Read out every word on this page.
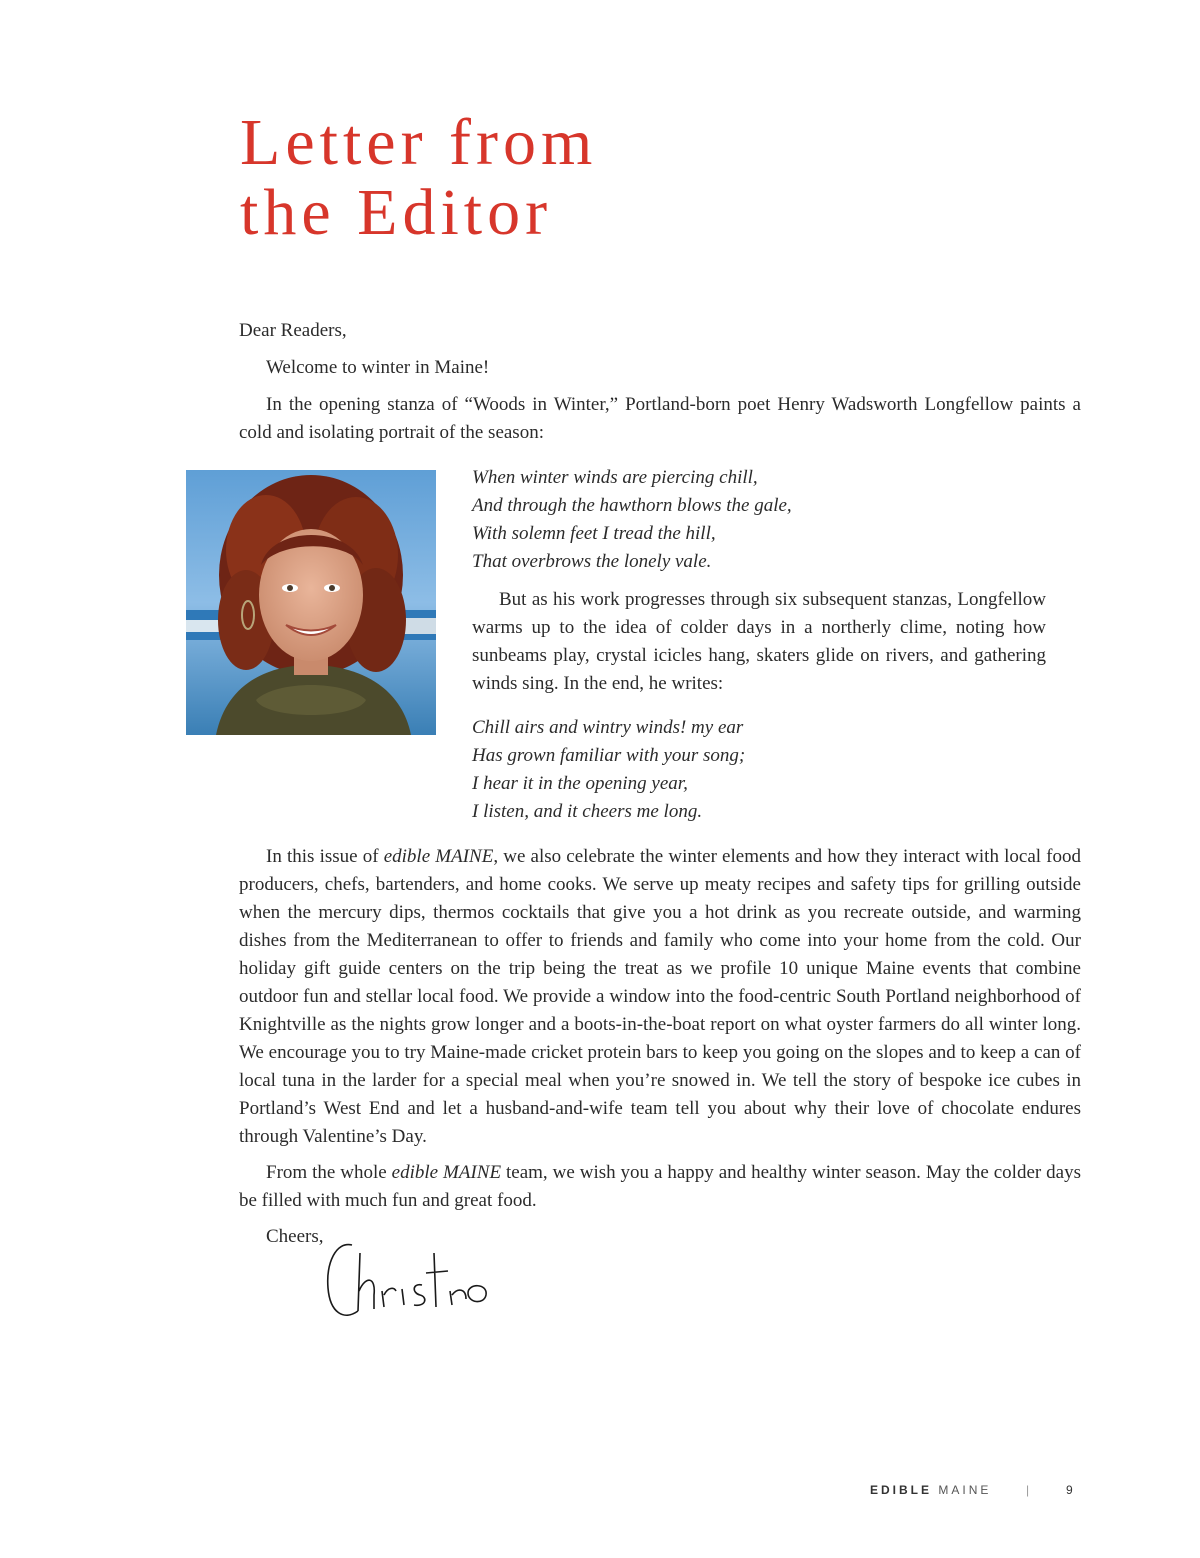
Letter from
the Editor

Dear Readers,

Welcome to winter in Maine!

In the opening stanza of “Woods in Winter,” Portland-born poet Henry Wadsworth Longfellow paints a cold and isolating portrait of the season:

When winter winds are piercing chill,
And through the hawthorn blows the gale,
With solemn feet I tread the hill,
That overbrows the lonely vale.

But as his work progresses through six subsequent stanzas, Longfellow warms up to the idea of colder days in a northerly clime, noting how sunbeams play, crystal icicles hang, skaters glide on rivers, and gathering winds sing. In the end, he writes:

Chill airs and wintry winds! my ear
Has grown familiar with your song;
I hear it in the opening year,
I listen, and it cheers me long.

In this issue of edible MAINE, we also celebrate the winter elements and how they interact with local food producers, chefs, bartenders, and home cooks. We serve up meaty recipes and safety tips for grilling outside when the mercury dips, thermos cocktails that give you a hot drink as you recreate outside, and warming dishes from the Mediterranean to offer to friends and family who come into your home from the cold. Our holiday gift guide centers on the trip being the treat as we profile 10 unique Maine events that combine outdoor fun and stellar local food. We provide a window into the food-centric South Portland neighborhood of Knightville as the nights grow longer and a boots-in-the-boat report on what oyster farmers do all winter long. We encourage you to try Maine-made cricket protein bars to keep you going on the slopes and to keep a can of local tuna in the larder for a special meal when you’re snowed in. We tell the story of bespoke ice cubes in Portland’s West End and let a husband-and-wife team tell you about why their love of chocolate endures through Valentine’s Day.

From the whole edible MAINE team, we wish you a happy and healthy winter season. May the colder days be filled with much fun and great food.

Cheers,

EDIBLE MAINE	|	9
